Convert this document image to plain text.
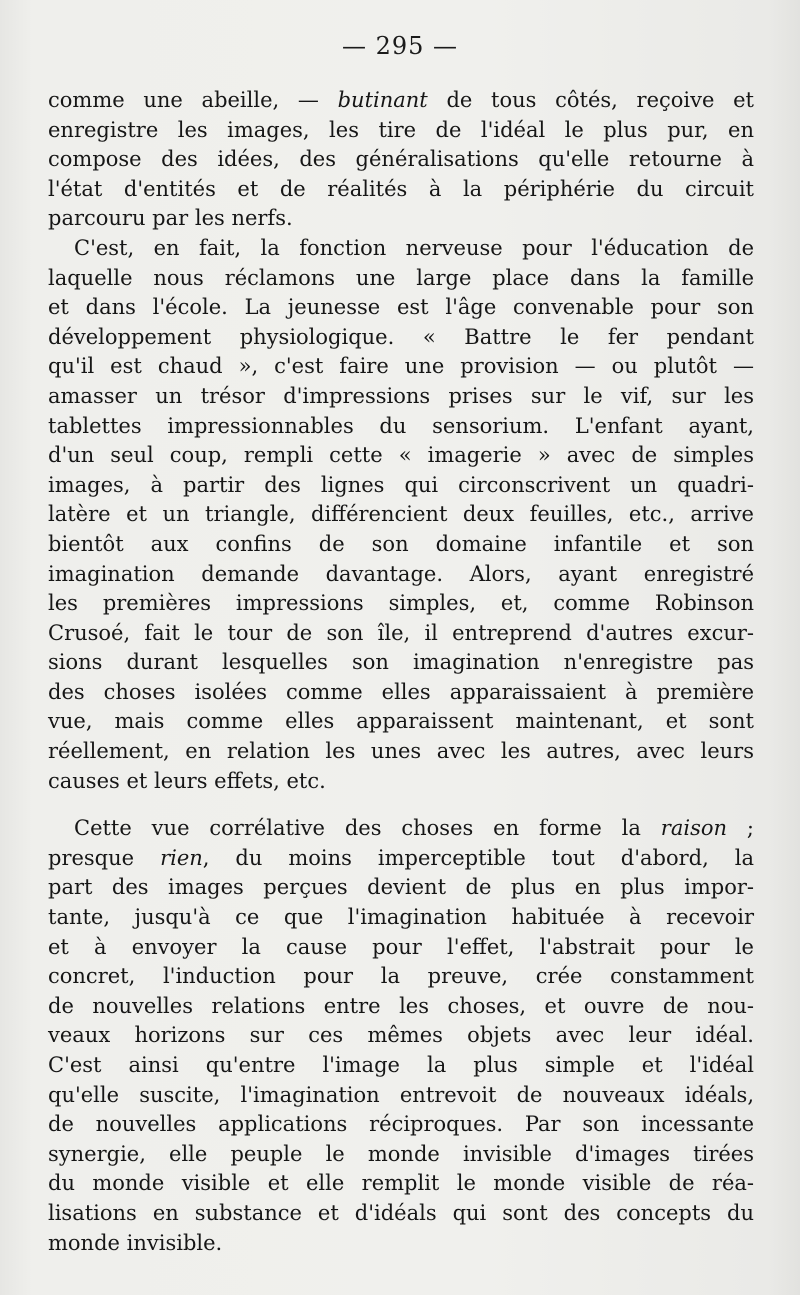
— 295 —
comme une abeille, — butinant de tous côtés, reçoive et
enregistre les images, les tire de l'idéal le plus pur, en
compose des idées, des généralisations qu'elle retourne à
l'état d'entités et de réalités à la périphérie du circuit
parcouru par les nerfs.
C'est, en fait, la fonction nerveuse pour l'éducation de
laquelle nous réclamons une large place dans la famille
et dans l'école. La jeunesse est l'âge convenable pour son
développement physiologique. « Battre le fer pendant
qu'il est chaud », c'est faire une provision — ou plutôt —
amasser un trésor d'impressions prises sur le vif, sur les
tablettes impressionnables du sensorium. L'enfant ayant,
d'un seul coup, rempli cette « imagerie » avec de simples
images, à partir des lignes qui circonscrivent un quadri-
latère et un triangle, différencient deux feuilles, etc., arrive
bientôt aux confins de son domaine infantile et son
imagination demande davantage. Alors, ayant enregistré
les premières impressions simples, et, comme Robinson
Crusoé, fait le tour de son île, il entreprend d'autres excur-
sions durant lesquelles son imagination n'enregistre pas
des choses isolées comme elles apparaissaient à première
vue, mais comme elles apparaissent maintenant, et sont
réellement, en relation les unes avec les autres, avec leurs
causes et leurs effets, etc.
Cette vue corrélative des choses en forme la raison ;
presque rien, du moins imperceptible tout d'abord, la
part des images perçues devient de plus en plus impor-
tante, jusqu'à ce que l'imagination habituée à recevoir
et à envoyer la cause pour l'effet, l'abstrait pour le
concret, l'induction pour la preuve, crée constamment
de nouvelles relations entre les choses, et ouvre de nou-
veaux horizons sur ces mêmes objets avec leur idéal.
C'est ainsi qu'entre l'image la plus simple et l'idéal
qu'elle suscite, l'imagination entrevoit de nouveaux idéals,
de nouvelles applications réciproques. Par son incessante
synergie, elle peuple le monde invisible d'images tirées
du monde visible et elle remplit le monde visible de réa-
lisations en substance et d'idéals qui sont des concepts du
monde invisible.
